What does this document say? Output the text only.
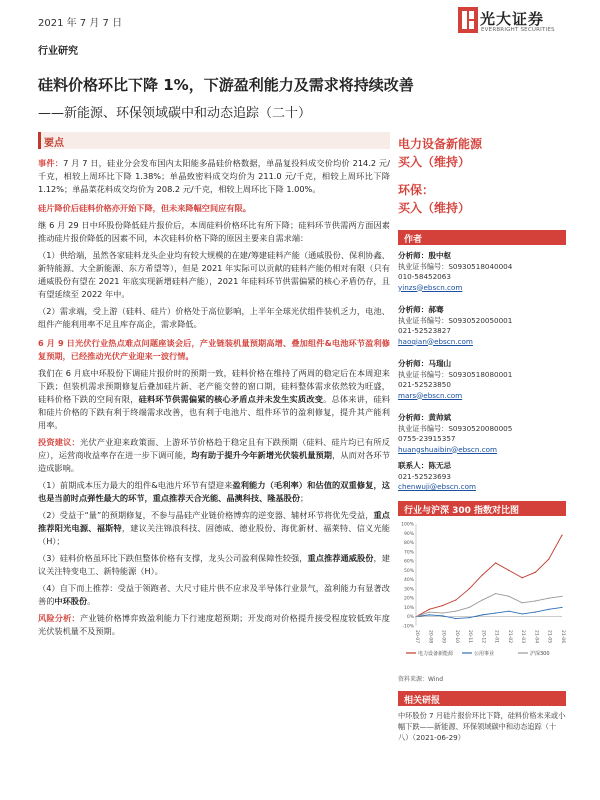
2021 年 7 月 7 日	光大证券
EVERBRIGHT SECURITIES
行业研究
硅料价格环比下降 1%，下游盈利能力及需求将持续改善
——新能源、环保领域碳中和动态追踪（二十）
要点
事件：7 月 7 日，硅业分会发布国内太阳能多晶硅价格数据，单晶复投料成交价均价 214.2 元/千克，相较上周环比下降 1.38%；单晶致密料成交均价为 211.0 元/千克，相较上周环比下降 1.12%；单晶菜花料成交均价为 208.2 元/千克，相较上周环比下降 1.00%。
硅片降价后硅料价格亦开始下降，但未来降幅空间应有限。
继 6 月 29 日中环股份降低硅片报价后，本周硅料价格环比有所下降；硅料环节供需两方面因素推动硅片报价降低的因素不同，本次硅料价格下降的原因主要来自需求端：
（1）供给端，虽然各家硅料龙头企业均有较大规模的在建/筹建硅料产能（通威股份、保利协鑫、新特能源、大全新能源、东方希望等），但是 2021 年实际可以贡献的硅料产能仍相对有限（只有通威股份有望在 2021 年底实现新增硅料产能），2021 年硅料环节供需偏紧的核心矛盾仍存，且有望延续至 2022 年中。
（2）需求端，受上游（硅料、硅片）价格处于高位影响，上半年全球光伏组件装机乏力，电池、组件产能利用率不足且库存高企，需求降低。
6 月 9 日光伏行业热点难点问题座谈会后，产业链装机量预期高增、叠加组件&电池环节盈利修复预期，已经推动光伏产业迎来一波行情。
我们在 6 月底中环股份下调硅片报价时的预期一致，硅料价格在维持了两周的稳定后在本周迎来下跌；但装机需求预期修复后叠加硅片新、老产能交替的窗口期，硅料整体需求依然较为旺盛，硅料价格下跌的空间有限，硅料环节供需偏紧的核心矛盾点并未发生实质改变。总体来讲，硅料和硅片价格的下跌有利于终端需求改善，也有利于电池片、组件环节的盈利修复，提升其产能利用率。
投资建议：光伏产业迎来政策面、上游环节价格趋于稳定且有下跌预期（硅料、硅片均已有所反应），运营商收益率存在进一步下调可能，均有助于提升今年新增光伏装机量预期，从而对各环节造成影响。
（1）前期成本压力最大的组件&电池片环节有望迎来盈利能力（毛利率）和估值的双重修复，这也是当前时点弹性最大的环节，重点推荐天合光能、晶澳科技、隆基股份；
（2）受益于“量”的预期修复，不参与晶硅产业链价格博弈的逆变器、辅材环节将优先受益，重点推荐阳光电源、福斯特，建议关注锦浪科技、固德威、德业股份、海优新材、福莱特、信义光能（H）；
（3）硅料价格虽环比下跌但整体价格有支撑，龙头公司盈利保障性较强，重点推荐通威股份，建议关注特变电工、新特能源（H）。
（4）自下而上推荐：受益于领跑者、大尺寸硅片供不应求及半导体行业景气，盈利能力有显著改善的中环股份。
风险分析：产业链价格博弈致盈利能力下行速度超预期；开发商对价格提升接受程度较低致年度光伏装机量不及预期。
电力设备新能源
买入（维持）
环保：
买入（维持）
作者
分析师：殷中枢
执业证书编号：S0930518040004
010-58452063
yinzs@ebscn.com
分析师：郝骞
执业证书编号：S0930520050001
021-52523827
haoqian@ebscn.com
分析师：马瑞山
执业证书编号：S0930518080001
021-52523850
mars@ebscn.com
分析师：黄帅斌
执业证书编号：S0930520080005
0755-23915357
huangshuaibin@ebscn.com
联系人：陈无忌
021-52523693
chenwuji@ebscn.com
行业与沪深 300 指数对比图
-10%
0%
10%
20%
30%
40%
50%
60%
70%
80%
90%
100%
20-07 20-08 20-09 20-10 20-11 20-12 21-01 21-02 21-03 21-04 21-05 21-06
电力设备新能源	公用事业	沪深300
资料来源：Wind
相关研报
中环股份 7 月硅片报价环比下降，硅料价格未来或小幅下跌——新能源、环保领域碳中和动态追踪（十八）（2021-06-29）
